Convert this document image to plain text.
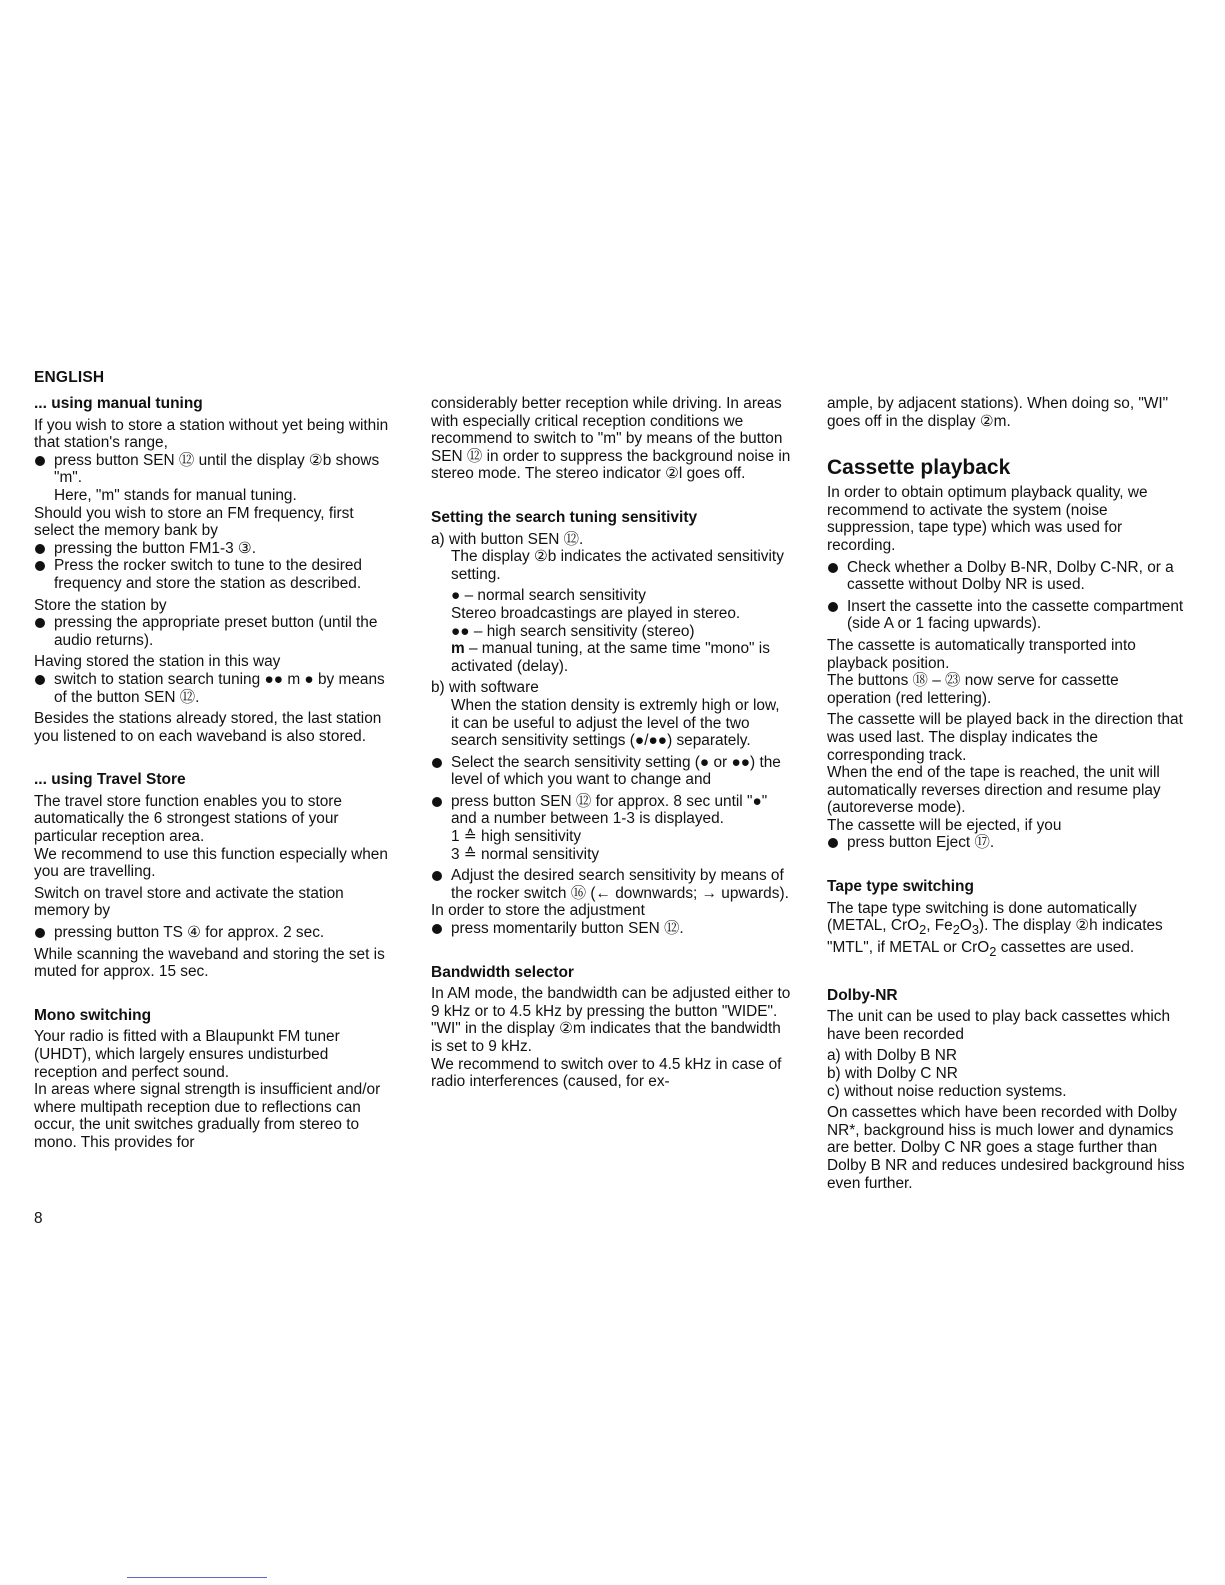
ENGLISH
... using manual tuning

If you wish to store a station without yet being within that station's range,

press button SEN ⑫ until the display ②b shows "m".

Here, "m" stands for manual tuning.

Should you wish to store an FM frequency, first select the memory bank by

pressing the button FM1-3 ③.

Press the rocker switch to tune to the desired frequency and store the station as described.

Store the station by

pressing the appropriate preset button (until the audio returns).

Having stored the station in this way

switch to station search tuning ●● m ● by means of the button SEN ⑫.

Besides the stations already stored, the last station you listened to on each waveband is also stored.

... using Travel Store

The travel store function enables you to store automatically the 6 strongest stations of your particular reception area.

We recommend to use this function especially when you are travelling.

Switch on travel store and activate the station memory by

pressing button TS ④ for approx. 2 sec.

While scanning the waveband and storing the set is muted for approx. 15 sec.

Mono switching

Your radio is fitted with a Blaupunkt FM tuner (UHDT), which largely ensures undisturbed reception and perfect sound.

In areas where signal strength is insufficient and/or where multipath reception due to reflections can occur, the unit switches gradually from stereo to mono. This provides for

considerably better reception while driving. In areas with especially critical reception conditions we recommend to switch to "m" by means of the button SEN ⑫ in order to suppress the background noise in stereo mode. The stereo indicator ②l goes off.

Setting the search tuning sensitivity

a) with button SEN ⑫.

The display ②b indicates the activated sensitivity setting.

● – normal search sensitivity

Stereo broadcastings are played in stereo.

●● – high search sensitivity (stereo)

m – manual tuning, at the same time "mono" is activated (delay).

b) with software

When the station density is extremly high or low, it can be useful to adjust the level of the two search sensitivity settings (●/●●) separately.

Select the search sensitivity setting (● or ●●) the level of which you want to change and

press button SEN ⑫ for approx. 8 sec until "●" and a number between 1-3 is displayed.

1 ≙ high sensitivity

3 ≙ normal sensitivity

Adjust the desired search sensitivity by means of the rocker switch ⑯ (← downwards; → upwards).

In order to store the adjustment

press momentarily button SEN ⑫.

Bandwidth selector

In AM mode, the bandwidth can be adjusted either to 9 kHz or to 4.5 kHz by pressing the button "WIDE".

"WI" in the display ②m indicates that the bandwidth is set to 9 kHz.

We recommend to switch over to 4.5 kHz in case of radio interferences (caused, for ex-

ample, by adjacent stations). When doing so, "WI" goes off in the display ②m.

Cassette playback

In order to obtain optimum playback quality, we recommend to activate the system (noise suppression, tape type) which was used for recording.

Check whether a Dolby B-NR, Dolby C-NR, or a cassette without Dolby NR is used.

Insert the cassette into the cassette compartment (side A or 1 facing upwards).

The cassette is automatically transported into playback position.

The buttons ⑱ – ㉓ now serve for cassette operation (red lettering).

The cassette will be played back in the direction that was used last. The display indicates the corresponding track.

When the end of the tape is reached, the unit will automatically reverses direction and resume play (autoreverse mode).

The cassette will be ejected, if you

press button Eject ⑰.

Tape type switching

The tape type switching is done automatically (METAL, CrO$_2$, $Fe_2O_3$). The display ②h indicates "MTL", if METAL or CrO$_2$ cassettes are used.

Dolby-NR

The unit can be used to play back cassettes which have been recorded

a) with Dolby B NR

b) with Dolby C NR

c) without noise reduction systems.

On cassettes which have been recorded with Dolby NR*, background hiss is much lower and dynamics are better. Dolby C NR goes a stage further than Dolby B NR and reduces undesired background hiss even further.

8
